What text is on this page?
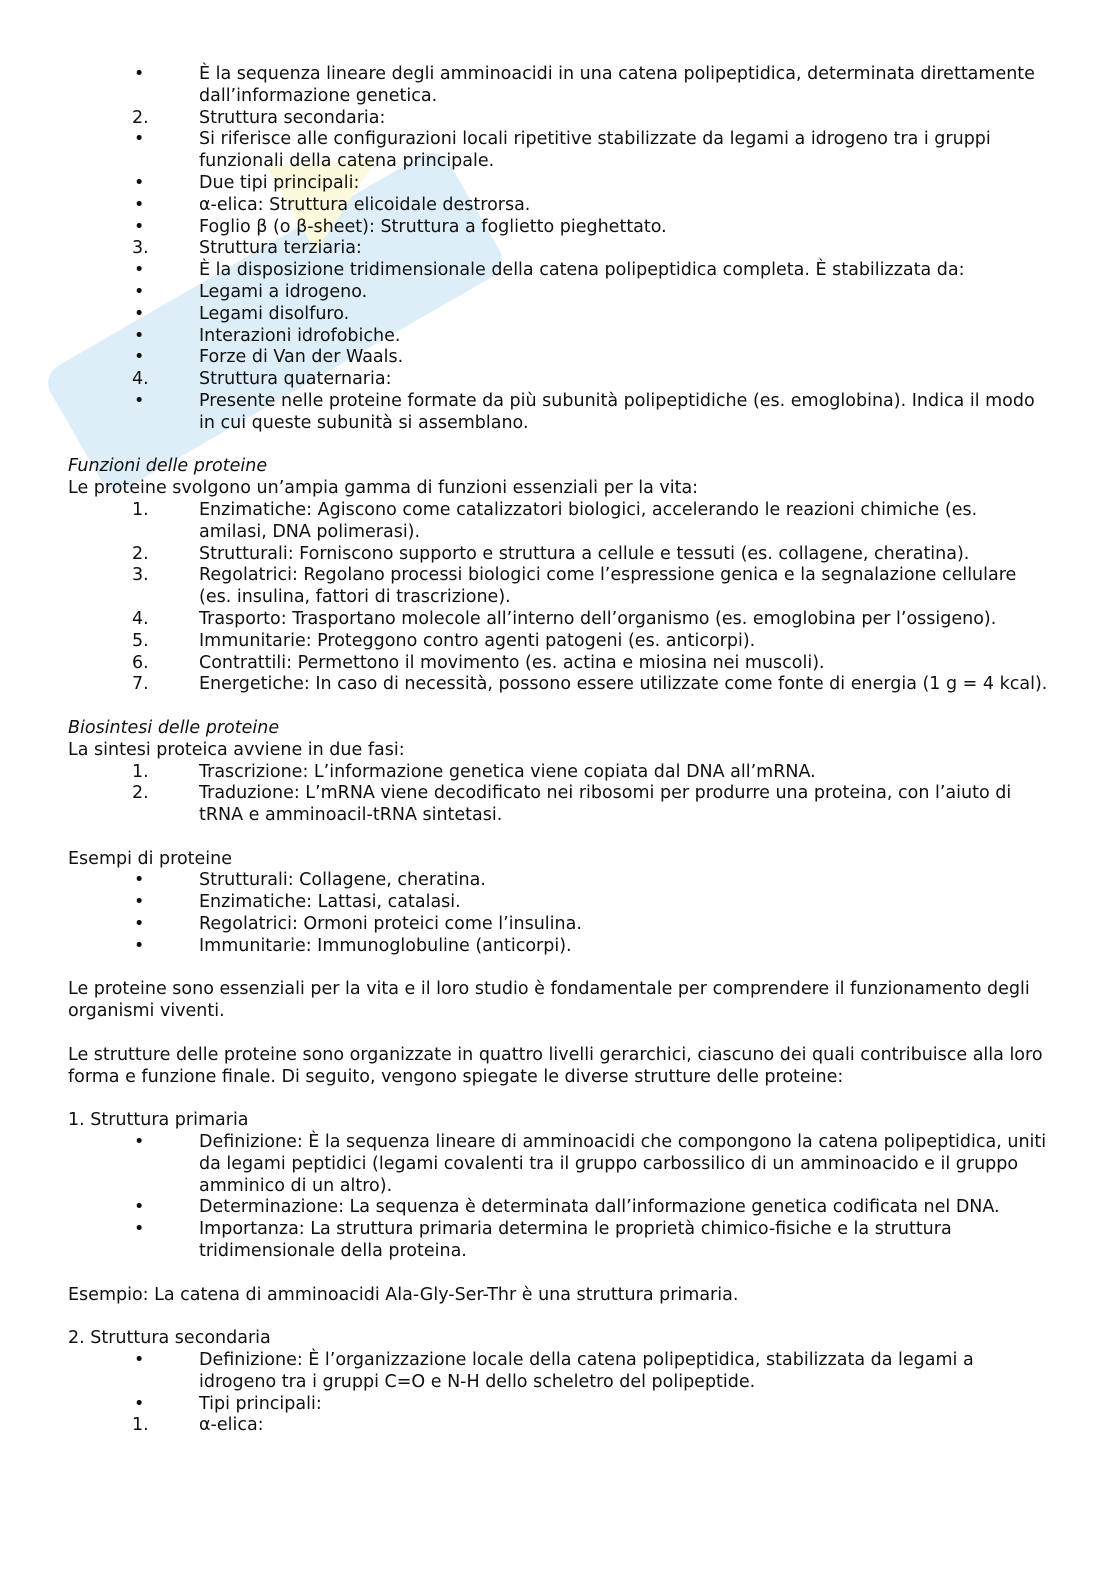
•	È la sequenza lineare degli amminoacidi in una catena polipeptidica, determinata direttamente dall’informazione genetica.
2.	Struttura secondaria:
•	Si riferisce alle configurazioni locali ripetitive stabilizzate da legami a idrogeno tra i gruppi funzionali della catena principale.
•	Due tipi principali:
•	α-elica: Struttura elicoidale destrorsa.
•	Foglio β (o β-sheet): Struttura a foglietto pieghettato.
3.	Struttura terziaria:
•	È la disposizione tridimensionale della catena polipeptidica completa. È stabilizzata da:
•	Legami a idrogeno.
•	Legami disolfuro.
•	Interazioni idrofobiche.
•	Forze di Van der Waals.
4.	Struttura quaternaria:
•	Presente nelle proteine formate da più subunità polipeptidiche (es. emoglobina). Indica il modo in cui queste subunità si assemblano.
Funzioni delle proteine
Le proteine svolgono un’ampia gamma di funzioni essenziali per la vita:
1.	Enzimatiche: Agiscono come catalizzatori biologici, accelerando le reazioni chimiche (es. amilasi, DNA polimerasi).
2.	Strutturali: Forniscono supporto e struttura a cellule e tessuti (es. collagene, cheratina).
3.	Regolatrici: Regolano processi biologici come l’espressione genica e la segnalazione cellulare (es. insulina, fattori di trascrizione).
4.	Trasporto: Trasportano molecole all’interno dell’organismo (es. emoglobina per l’ossigeno).
5.	Immunitarie: Proteggono contro agenti patogeni (es. anticorpi).
6.	Contrattili: Permettono il movimento (es. actina e miosina nei muscoli).
7.	Energetiche: In caso di necessità, possono essere utilizzate come fonte di energia (1 g = 4 kcal).
Biosintesi delle proteine
La sintesi proteica avviene in due fasi:
1.	Trascrizione: L’informazione genetica viene copiata dal DNA all’mRNA.
2.	Traduzione: L’mRNA viene decodificato nei ribosomi per produrre una proteina, con l’aiuto di tRNA e amminoacil-tRNA sintetasi.
Esempi di proteine
•	Strutturali: Collagene, cheratina.
•	Enzimatiche: Lattasi, catalasi.
•	Regolatrici: Ormoni proteici come l’insulina.
•	Immunitarie: Immunoglobuline (anticorpi).
Le proteine sono essenziali per la vita e il loro studio è fondamentale per comprendere il funzionamento degli organismi viventi.
Le strutture delle proteine sono organizzate in quattro livelli gerarchici, ciascuno dei quali contribuisce alla loro forma e funzione finale. Di seguito, vengono spiegate le diverse strutture delle proteine:
1. Struttura primaria
•	Definizione: È la sequenza lineare di amminoacidi che compongono la catena polipeptidica, uniti da legami peptidici (legami covalenti tra il gruppo carbossilico di un amminoacido e il gruppo amminico di un altro).
•	Determinazione: La sequenza è determinata dall’informazione genetica codificata nel DNA.
•	Importanza: La struttura primaria determina le proprietà chimico-fisiche e la struttura tridimensionale della proteina.
Esempio: La catena di amminoacidi Ala-Gly-Ser-Thr è una struttura primaria.
2. Struttura secondaria
•	Definizione: È l’organizzazione locale della catena polipeptidica, stabilizzata da legami a idrogeno tra i gruppi C=O e N-H dello scheletro del polipeptide.
•	Tipi principali:
1.	α-elica:
